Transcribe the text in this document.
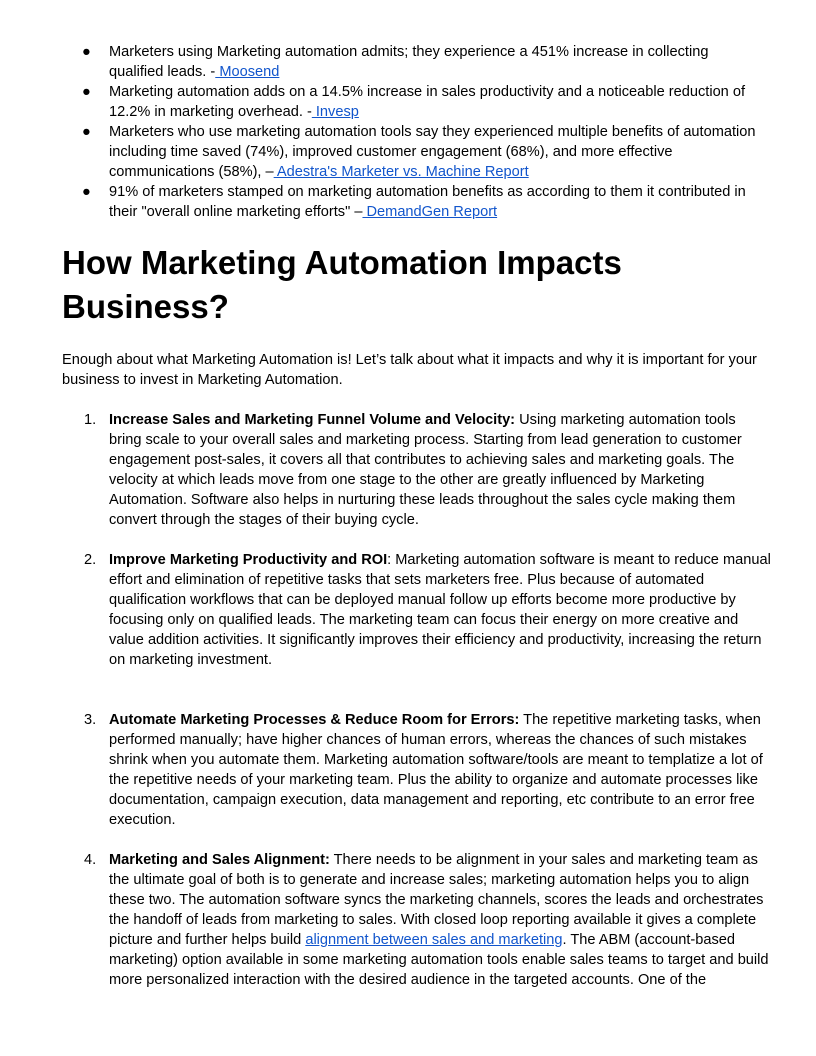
● Marketers using Marketing automation admits; they experience a 451% increase in collecting qualified leads. - Moosend
● Marketing automation adds on a 14.5% increase in sales productivity and a noticeable reduction of 12.2% in marketing overhead. - Invesp
● Marketers who use marketing automation tools say they experienced multiple benefits of automation including time saved (74%), improved customer engagement (68%), and more effective communications (58%), – Adestra's Marketer vs. Machine Report
● 91% of marketers stamped on marketing automation benefits as according to them it contributed in their "overall online marketing efforts" – DemandGen Report
How Marketing Automation Impacts Business?

Enough about what Marketing Automation is! Let’s talk about what it impacts and why it is important for your business to invest in Marketing Automation.

1. Increase Sales and Marketing Funnel Volume and Velocity: Using marketing automation tools bring scale to your overall sales and marketing process. Starting from lead generation to customer engagement post-sales, it covers all that contributes to achieving sales and marketing goals. The velocity at which leads move from one stage to the other are greatly influenced by Marketing Automation. Software also helps in nurturing these leads throughout the sales cycle making them convert through the stages of their buying cycle.
2. Improve Marketing Productivity and ROI: Marketing automation software is meant to reduce manual effort and elimination of repetitive tasks that sets marketers free. Plus because of automated qualification workflows that can be deployed manual follow up efforts become more productive by focusing only on qualified leads. The marketing team can focus their energy on more creative and value addition activities. It significantly improves their efficiency and productivity, increasing the return on marketing investment.
3. Automate Marketing Processes & Reduce Room for Errors: The repetitive marketing tasks, when performed manually; have higher chances of human errors, whereas the chances of such mistakes shrink when you automate them. Marketing automation software/tools are meant to templatize a lot of the repetitive needs of your marketing team. Plus the ability to organize and automate processes like documentation, campaign execution, data management and reporting, etc contribute to an error free execution.
4. Marketing and Sales Alignment: There needs to be alignment in your sales and marketing team as the ultimate goal of both is to generate and increase sales; marketing automation helps you to align these two. The automation software syncs the marketing channels, scores the leads and orchestrates the handoff of leads from marketing to sales. With closed loop reporting available it gives a complete picture and further helps build alignment between sales and marketing. The ABM (account-based marketing) option available in some marketing automation tools enable sales teams to target and build more personalized interaction with the desired audience in the targeted accounts. One of the
